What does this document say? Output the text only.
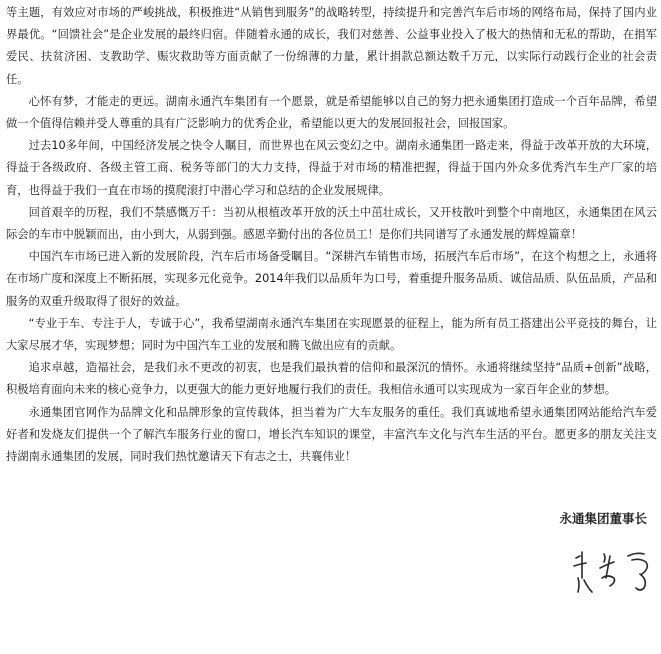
等主题，有效应对市场的严峻挑战，积极推进“从销售到服务”的战略转型，持续提升和完善汽车后市场的网络布局，保持了国内业界最优。“回馈社会”是企业发展的最终归宿。伴随着永通的成长，我们对慈善、公益事业投入了极大的热情和无私的帮助，在捐军爱民、扶贫济困、支教助学、赈灾救助等方面贡献了一份绵薄的力量，累计捐款总额达数千万元，以实际行动践行企业的社会责任。

心怀有梦，才能走的更远。湖南永通汽车集团有一个愿景，就是希望能够以自己的努力把永通集团打造成一个百年品牌，希望做一个值得信赖并受人尊重的具有广泛影响力的优秀企业，希望能以更大的发展回报社会，回报国家。

过去10多年间，中国经济发展之快令人瞩目，而世界也在风云变幻之中。湖南永通集团一路走来，得益于改革开放的大环境，得益于各级政府、各级主管工商、税务等部门的大力支持，得益于对市场的精准把握，得益于国内外众多优秀汽车生产厂家的培育，也得益于我们一直在市场的摸爬滚打中潜心学习和总结的企业发展规律。

回首艰辛的历程，我们不禁感慨万千：当初从根植改革开放的沃土中茁壮成长，又开枝散叶到整个中南地区，永通集团在风云际会的车市中脱颖而出，由小到大，从弱到强。感恩辛勤付出的各位员工！是你们共同谱写了永通发展的辉煌篇章！

中国汽车市场已进入新的发展阶段，汽车后市场备受瞩目。“深耕汽车销售市场，拓展汽车后市场”，在这个构想之上，永通将在市场广度和深度上不断拓展，实现多元化竞争。2014年我们以品质年为口号，着重提升服务品质、诚信品质、队伍品质，产品和服务的双重升级取得了很好的效益。

“专业于车、专注于人，专诚于心”，我希望湖南永通汽车集团在实现愿景的征程上，能为所有员工搭建出公平竞技的舞台，让大家尽展才华，实现梦想；同时为中国汽车工业的发展和腾飞做出应有的贡献。

追求卓越，造福社会，是我们永不更改的初衷，也是我们最执着的信仰和最深沉的情怀。永通将继续坚持“品质+创新”战略，积极培育面向未来的核心竞争力，以更强大的能力更好地履行我们的责任。我相信永通可以实现成为一家百年企业的梦想。

永通集团官网作为品牌文化和品牌形象的宣传载体，担当着为广大车友服务的重任。我们真诚地希望永通集团网站能给汽车爱好者和发烧友们提供一个了解汽车服务行业的窗口，增长汽车知识的课堂，丰富汽车文化与汽车生活的平台。愿更多的朋友关注支持湖南永通集团的发展，同时我们热忱邀请天下有志之士，共襄伟业！

永通集团董事长
